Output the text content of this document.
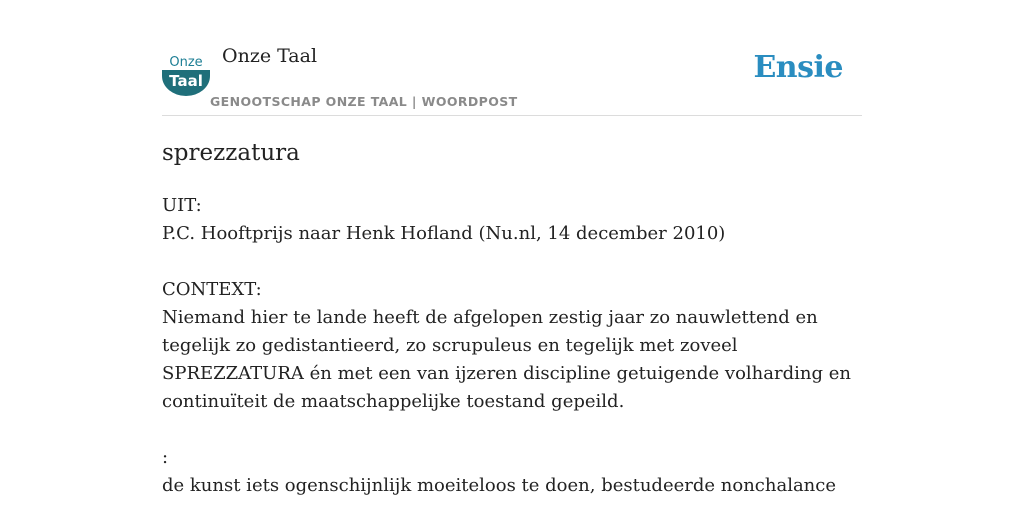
Onze
Taal
Onze Taal
GENOOTSCHAP ONZE TAAL | WOORDPOST
Ensie
sprezzatura

UIT:

P.C. Hooftprijs naar Henk Hofland (Nu.nl, 14 december 2010)

CONTEXT:

Niemand hier te lande heeft de afgelopen zestig jaar zo nauwlettend en tegelijk zo gedistantieerd, zo scrupuleus en tegelijk met zoveel SPREZZATURA én met een van ijzeren discipline getuigende volharding en continuïteit de maatschappelijke toestand gepeild.

:

de kunst iets ogenschijnlijk moeiteloos te doen, bestudeerde nonchalance
